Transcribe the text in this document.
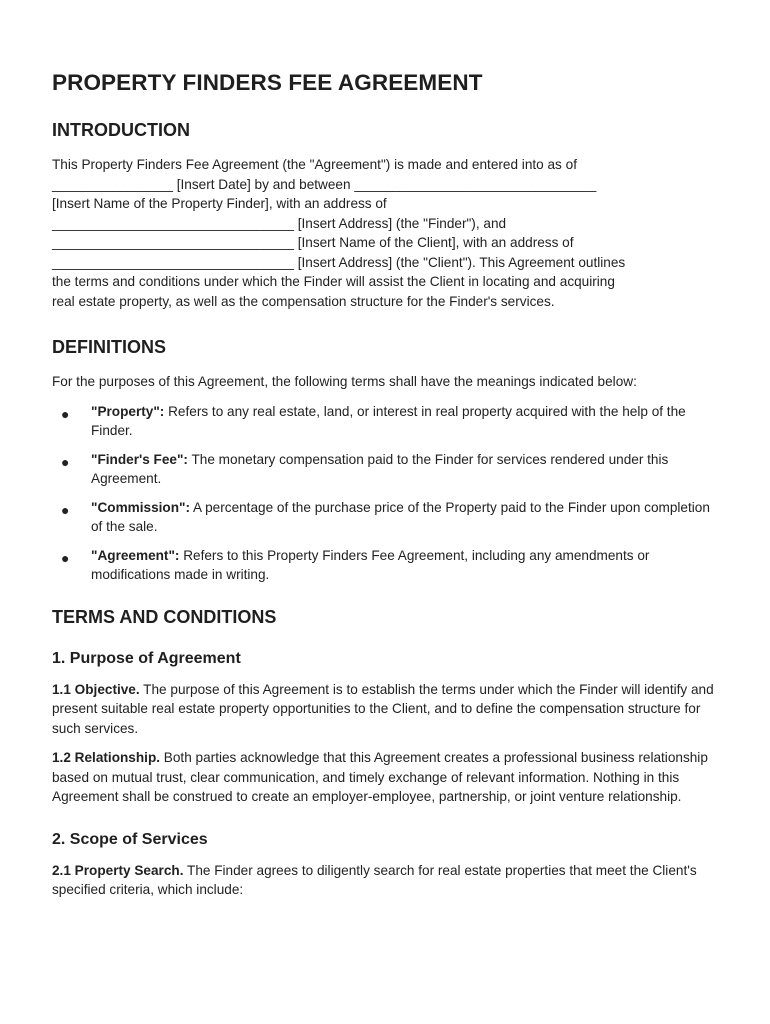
PROPERTY FINDERS FEE AGREEMENT
INTRODUCTION

This Property Finders Fee Agreement (the "Agreement") is made and entered into as of
________________ [Insert Date] by and between ________________________________
[Insert Name of the Property Finder], with an address of
________________________________ [Insert Address] (the "Finder"), and
________________________________ [Insert Name of the Client], with an address of
________________________________ [Insert Address] (the "Client"). This Agreement outlines
the terms and conditions under which the Finder will assist the Client in locating and acquiring
real estate property, as well as the compensation structure for the Finder's services.

DEFINITIONS

For the purposes of this Agreement, the following terms shall have the meanings indicated below:

● "Property": Refers to any real estate, land, or interest in real property acquired with the help of the Finder.
● "Finder's Fee": The monetary compensation paid to the Finder for services rendered under this Agreement.
● "Commission": A percentage of the purchase price of the Property paid to the Finder upon completion of the sale.
● "Agreement": Refers to this Property Finders Fee Agreement, including any amendments or modifications made in writing.
TERMS AND CONDITIONS
1. Purpose of Agreement

1.1 Objective. The purpose of this Agreement is to establish the terms under which the Finder will identify and present suitable real estate property opportunities to the Client, and to define the compensation structure for such services.

1.2 Relationship. Both parties acknowledge that this Agreement creates a professional business relationship based on mutual trust, clear communication, and timely exchange of relevant information. Nothing in this Agreement shall be construed to create an employer-employee, partnership, or joint venture relationship.

2. Scope of Services

2.1 Property Search. The Finder agrees to diligently search for real estate properties that meet the Client's specified criteria, which include:
